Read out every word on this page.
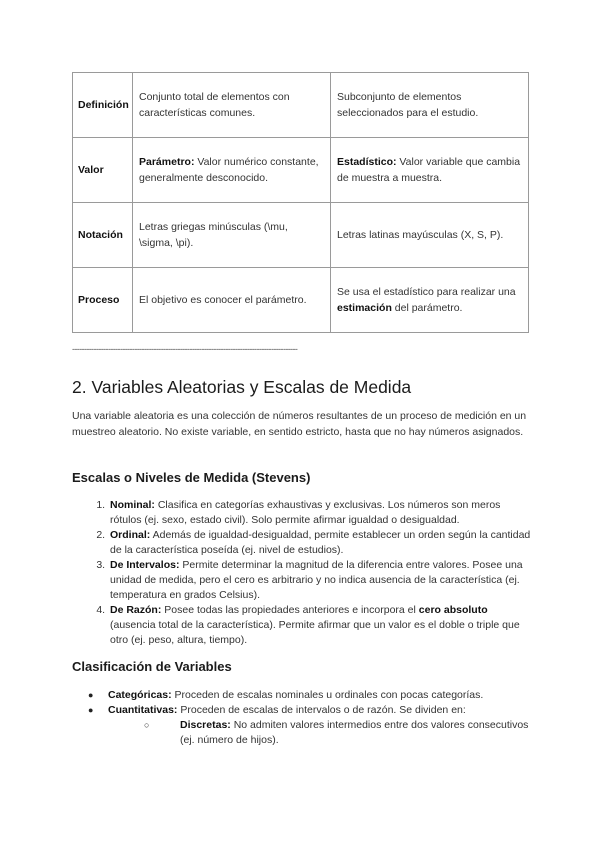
Definición	Conjunto total de elementos con características comunes.	Subconjunto de elementos seleccionados para el estudio.
Valor	Parámetro: Valor numérico constante, generalmente desconocido.	Estadístico: Valor variable que cambia de muestra a muestra.
Notación	Letras griegas minúsculas (\mu, \sigma, \pi).	Letras latinas mayúsculas (X, S, P).
Proceso	El objetivo es conocer el parámetro.	Se usa el estadístico para realizar una estimación del parámetro.
----------------------------------------------------------------------------------------------
2. Variables Aleatorias y Escalas de Medida

Una variable aleatoria es una colección de números resultantes de un proceso de medición en un muestreo aleatorio. No existe variable, en sentido estricto, hasta que no hay números asignados.

Escalas o Niveles de Medida (Stevens)
1. Nominal: Clasifica en categorías exhaustivas y exclusivas. Los números son meros rótulos (ej. sexo, estado civil). Solo permite afirmar igualdad o desigualdad.
2. Ordinal: Además de igualdad-desigualdad, permite establecer un orden según la cantidad de la característica poseída (ej. nivel de estudios).
3. De Intervalos: Permite determinar la magnitud de la diferencia entre valores. Posee una unidad de medida, pero el cero es arbitrario y no indica ausencia de la característica (ej. temperatura en grados Celsius).
4. De Razón: Posee todas las propiedades anteriores e incorpora el cero absoluto (ausencia total de la característica). Permite afirmar que un valor es el doble o triple que otro (ej. peso, altura, tiempo).
Clasificación de Variables
● Categóricas: Proceden de escalas nominales u ordinales con pocas categorías.
● Cuantitativas: Proceden de escalas de intervalos o de razón. Se dividen en:
○	Discretas: No admiten valores intermedios entre dos valores consecutivos (ej. número de hijos).
